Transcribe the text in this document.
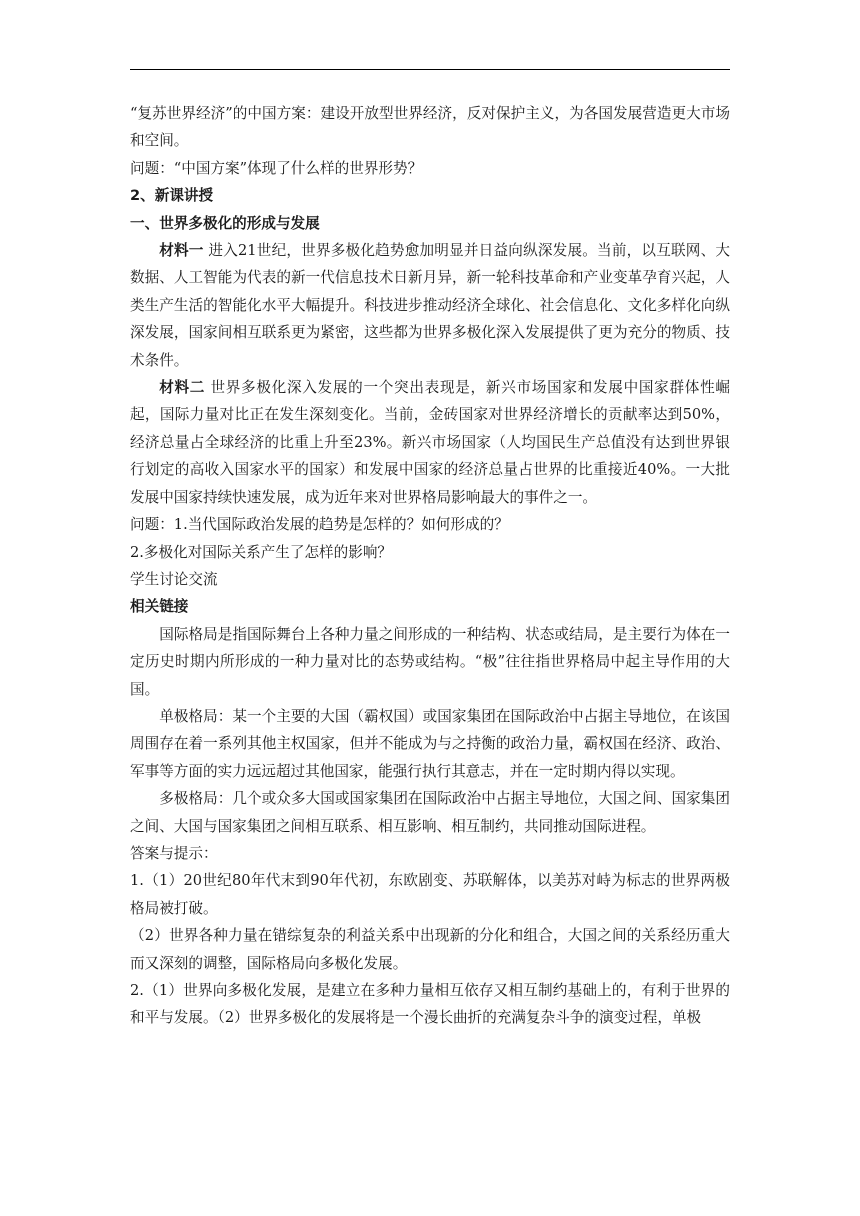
“复苏世界经济”的中国方案：建设开放型世界经济，反对保护主义，为各国发展营造更大市场和空间。

问题：“中国方案”体现了什么样的世界形势？

2、新课讲授

一、世界多极化的形成与发展

材料一 进入21世纪，世界多极化趋势愈加明显并日益向纵深发展。当前，以互联网、大数据、人工智能为代表的新一代信息技术日新月异，新一轮科技革命和产业变革孕育兴起，人类生产生活的智能化水平大幅提升。科技进步推动经济全球化、社会信息化、文化多样化向纵深发展，国家间相互联系更为紧密，这些都为世界多极化深入发展提供了更为充分的物质、技术条件。

材料二 世界多极化深入发展的一个突出表现是，新兴市场国家和发展中国家群体性崛起，国际力量对比正在发生深刻变化。当前，金砖国家对世界经济增长的贡献率达到50%，经济总量占全球经济的比重上升至23%。新兴市场国家（人均国民生产总值没有达到世界银行划定的高收入国家水平的国家）和发展中国家的经济总量占世界的比重接近40%。一大批发展中国家持续快速发展，成为近年来对世界格局影响最大的事件之一。

问题：1.当代国际政治发展的趋势是怎样的？如何形成的？

2.多极化对国际关系产生了怎样的影响？

学生讨论交流

相关链接

国际格局是指国际舞台上各种力量之间形成的一种结构、状态或结局，是主要行为体在一定历史时期内所形成的一种力量对比的态势或结构。“极”往往指世界格局中起主导作用的大国。

单极格局：某一个主要的大国（霸权国）或国家集团在国际政治中占据主导地位，在该国周围存在着一系列其他主权国家，但并不能成为与之持衡的政治力量，霸权国在经济、政治、军事等方面的实力远远超过其他国家，能强行执行其意志，并在一定时期内得以实现。

多极格局：几个或众多大国或国家集团在国际政治中占据主导地位，大国之间、国家集团之间、大国与国家集团之间相互联系、相互影响、相互制约，共同推动国际进程。

答案与提示：

1.（1）20世纪80年代末到90年代初，东欧剧变、苏联解体，以美苏对峙为标志的世界两极格局被打破。

（2）世界各种力量在错综复杂的利益关系中出现新的分化和组合，大国之间的关系经历重大而又深刻的调整，国际格局向多极化发展。

2.（1）世界向多极化发展，是建立在多种力量相互依存又相互制约基础上的，有利于世界的和平与发展。（2）世界多极化的发展将是一个漫长曲折的充满复杂斗争的演变过程，单极
